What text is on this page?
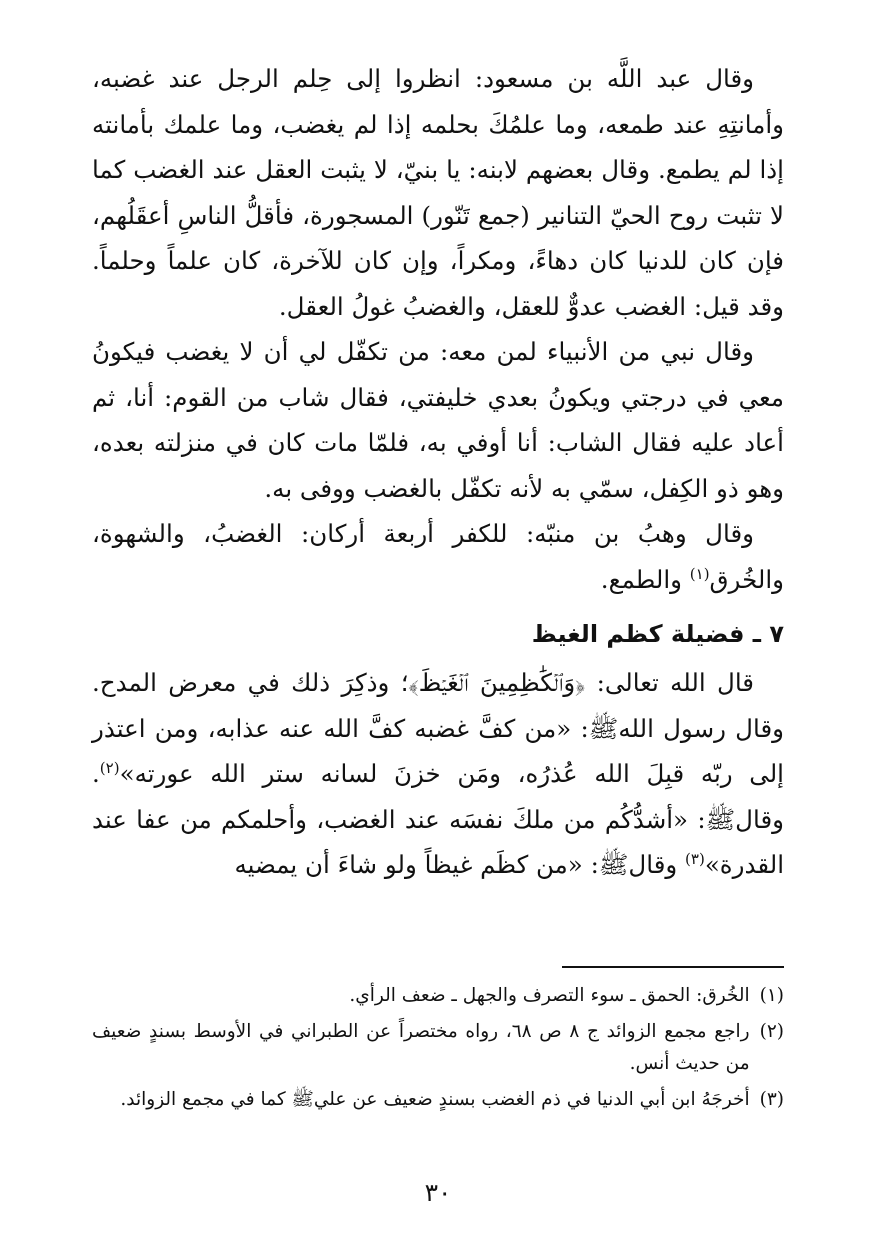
وقال عبد اللَّه بن مسعود: انظروا إلى حِلم الرجل عند غضبه، وأمانتِهِ عند طمعه، وما علمُكَ بحلمه إذا لم يغضب، وما علمك بأمانته إذا لم يطمع. وقال بعضهم لابنه: يا بنيّ، لا يثبت العقل عند الغضب كما لا تثبت روح الحيّ التنانير (جمع تَنّور) المسجورة، فأقلُّ الناسِ أعقَلُهم، فإن كان للدنيا كان دهاءً، ومكراً، وإن كان للآخرة، كان علماً وحلماً. وقد قيل: الغضب عدوٌّ للعقل، والغضبُ غولُ العقل.

وقال نبي من الأنبياء لمن معه: من تكفّل لي أن لا يغضب فيكونُ معي في درجتي ويكونُ بعدي خليفتي، فقال شاب من القوم: أنا، ثم أعاد عليه فقال الشاب: أنا أوفي به، فلمّا مات كان في منزلته بعده، وهو ذو الكِفل، سمّي به لأنه تكفّل بالغضب ووفى به.

وقال وهبُ بن منبّه: للكفر أربعة أركان: الغضبُ، والشهوة، والخُرق$^{(١)}$ والطمع.

٧ ـ فضيلة كظم الغيظ

قال الله تعالى: ﴿وَٱلۡكَٰظِمِينَ ٱلۡغَيۡظَ﴾؛ وذكِرَ ذلك في معرض المدح. وقال رسول اللهﷺ: «من كفَّ غضبه كفَّ الله عنه عذابه، ومن اعتذر إلى ربّه قبِلَ الله عُذرُه، ومَن خزنَ لسانه ستر الله عورته»$^{(٢)}$. وقالﷺ: «أشدُّكُم من ملكَ نفسَه عند الغضب، وأحلمكم من عفا عند القدرة»$^{(٣)}$ وقالﷺ: «من كظَم غيظاً ولو شاءَ أن يمضيه

(١)
الخُرق: الحمق ـ سوء التصرف والجهل ـ ضعف الرأي.
(٢)
راجع مجمع الزوائد ج ٨ ص ٦٨، رواه مختصراً عن الطبراني في الأوسط بسندٍ ضعيف من حديث أنس.
(٣)
أخرجَهُ ابن أبي الدنيا في ذم الغضب بسندٍ ضعيف عن عليﷺ كما في مجمع الزوائد.
٣٠
